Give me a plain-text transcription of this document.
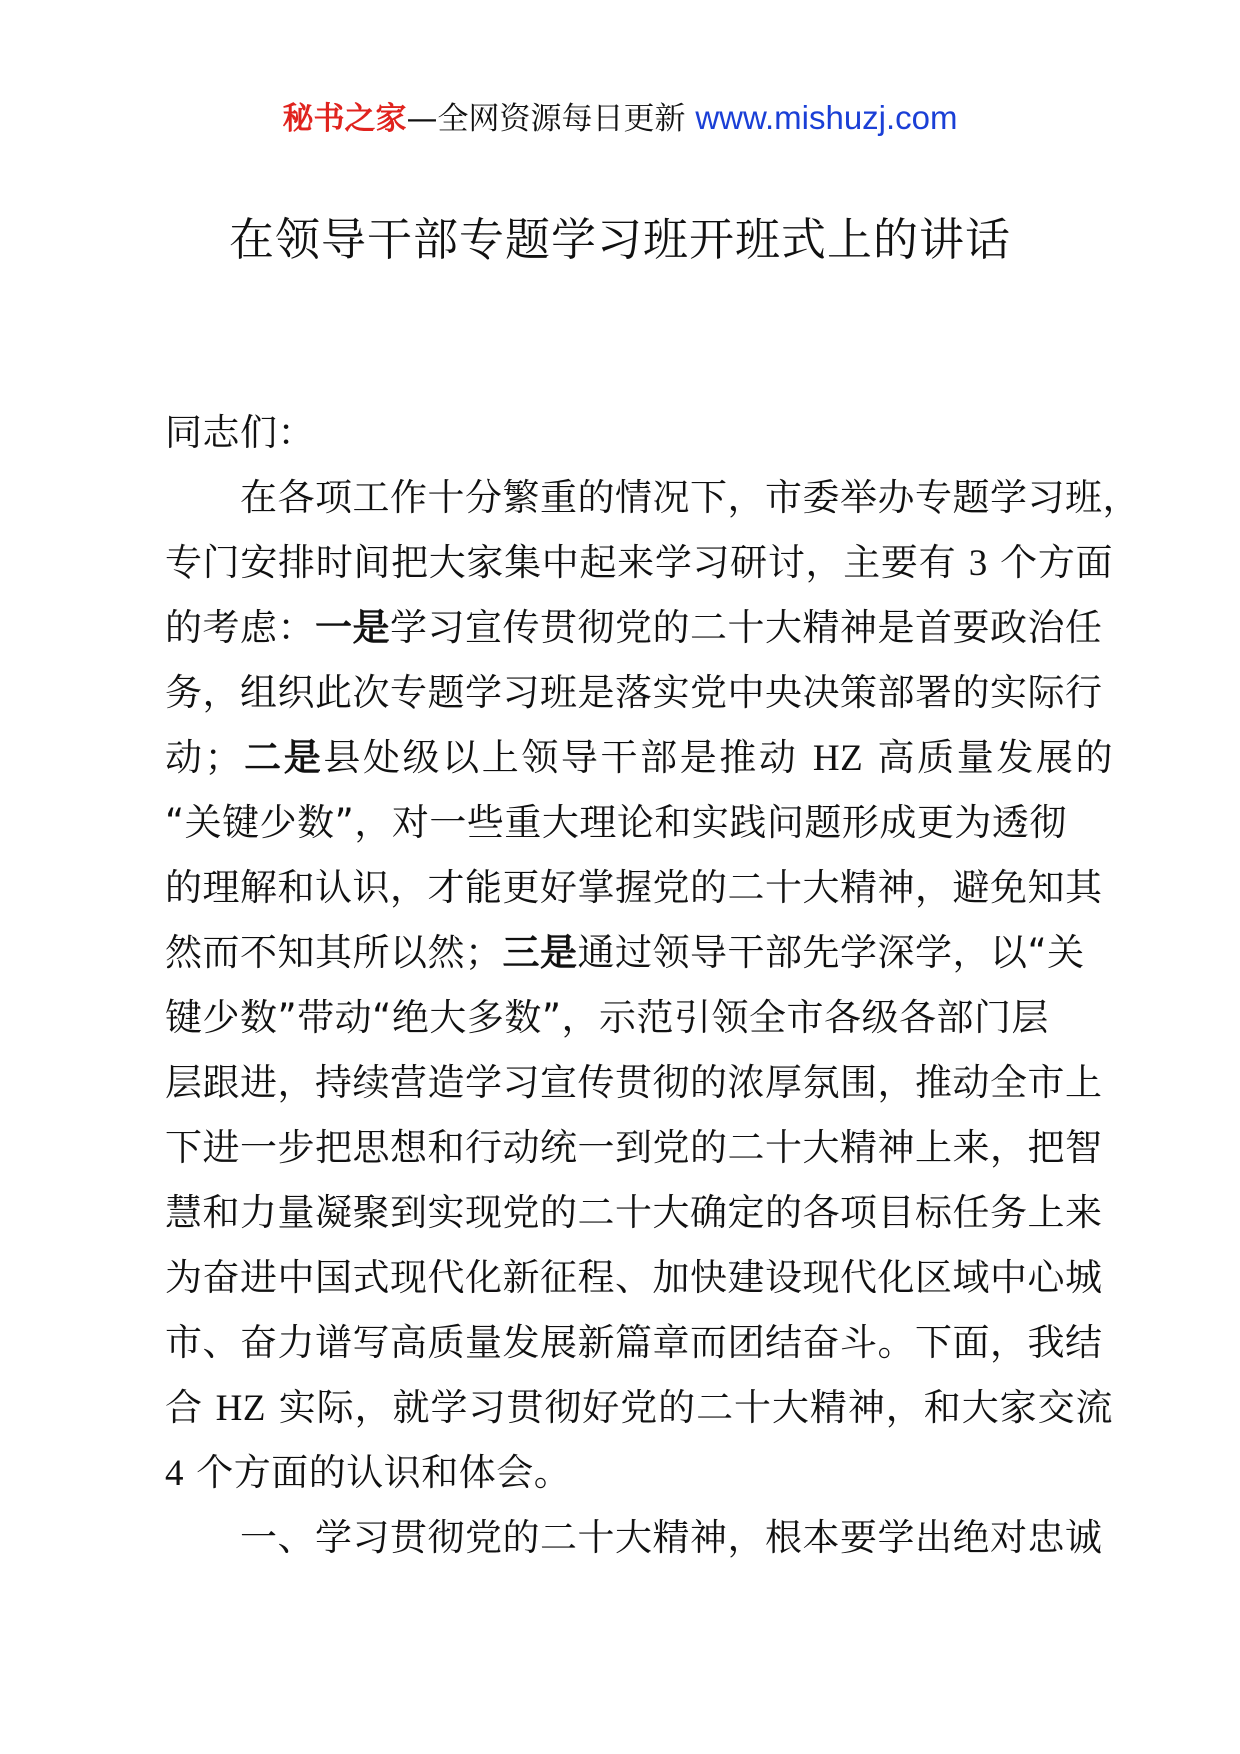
秘书之家—全网资源每日更新 www.mishuzj.com
在领导干部专题学习班开班式上的讲话
同志们：
在各项工作十分繁重的情况下，市委举办专题学习班，
专门安排时间把大家集中起来学习研讨，主要有 3 个方面
的考虑：一是学习宣传贯彻党的二十大精神是首要政治任
务，组织此次专题学习班是落实党中央决策部署的实际行
动；二是县处级以上领导干部是推动 HZ 高质量发展的
“关键少数”，对一些重大理论和实践问题形成更为透彻
的理解和认识，才能更好掌握党的二十大精神，避免知其
然而不知其所以然；三是通过领导干部先学深学，以“关
键少数”带动“绝大多数”，示范引领全市各级各部门层
层跟进，持续营造学习宣传贯彻的浓厚氛围，推动全市上
下进一步把思想和行动统一到党的二十大精神上来，把智
慧和力量凝聚到实现党的二十大确定的各项目标任务上来
为奋进中国式现代化新征程、加快建设现代化区域中心城
市、奋力谱写高质量发展新篇章而团结奋斗。下面，我结
合 HZ 实际，就学习贯彻好党的二十大精神，和大家交流
4 个方面的认识和体会。
一、学习贯彻党的二十大精神，根本要学出绝对忠诚
